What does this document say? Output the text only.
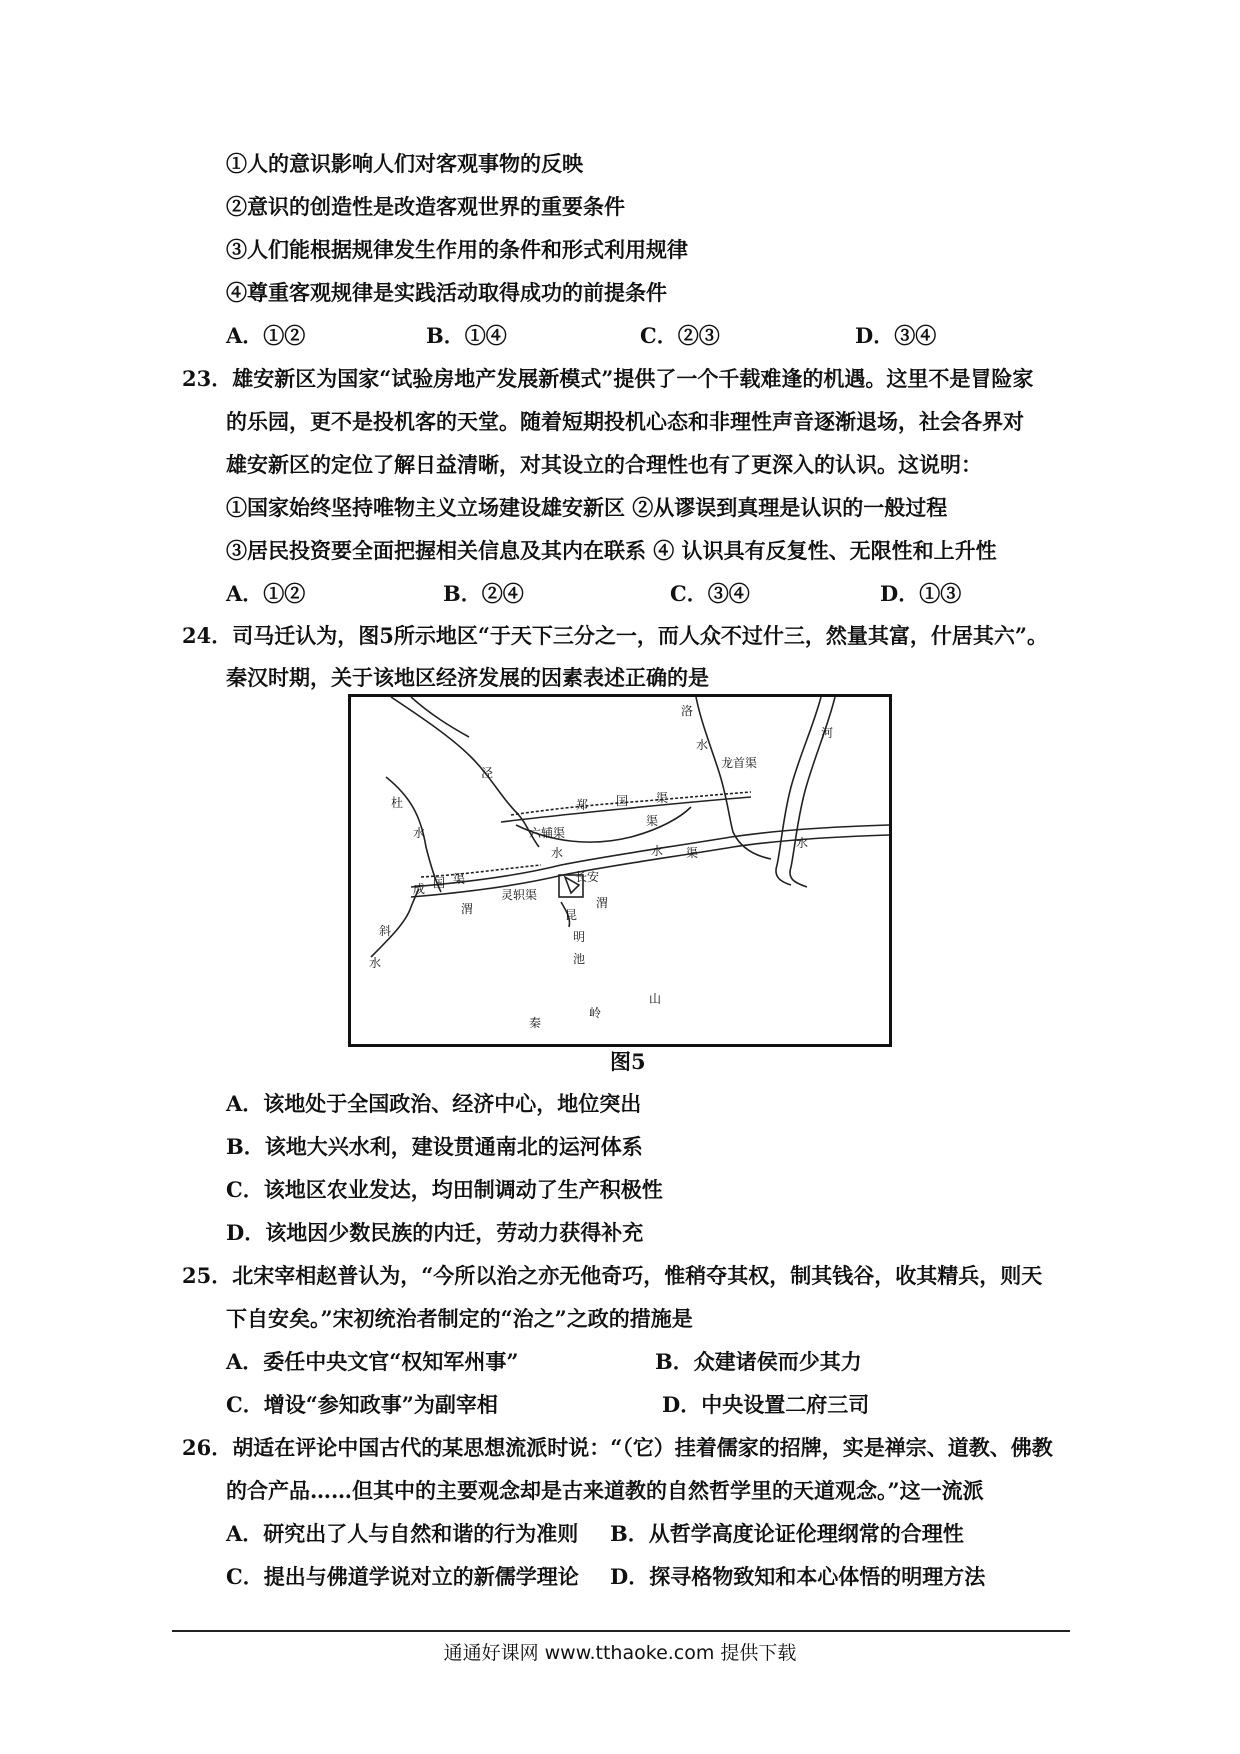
①人的意识影响人们对客观事物的反映
②意识的创造性是改造客观世界的重要条件
③人们能根据规律发生作用的条件和形式利用规律
④尊重客观规律是实践活动取得成功的前提条件
A．①②	B．①④	C．②③	D．③④
23．雄安新区为国家“试验房地产发展新模式”提供了一个千载难逢的机遇。这里不是冒险家
的乐园，更不是投机客的天堂。随着短期投机心态和非理性声音逐渐退场，社会各界对
雄安新区的定位了解日益清晰，对其设立的合理性也有了更深入的认识。这说明：
①国家始终坚持唯物主义立场建设雄安新区 ②从谬误到真理是认识的一般过程
③居民投资要全面把握相关信息及其内在联系 ④ 认识具有反复性、无限性和上升性
A．①②	B．②④	C．③④	D．①③
24．司马迁认为，图5所示地区“于天下三分之一，而人众不过什三，然量其富，什居其六”。
秦汉时期，关于该地区经济发展的因素表述正确的是
洛
水
河
水
泾
郑 国 渠
龙首渠
六辅渠
渠
杜
水
水	水 渠
成 国 渠
灵轵渠
长安
渭	渭
昆
明
池
斜
水
秦
岭
山
图5
A．该地处于全国政治、经济中心，地位突出
B．该地大兴水利，建设贯通南北的运河体系
C．该地区农业发达，均田制调动了生产积极性
D．该地因少数民族的内迁，劳动力获得补充
25．北宋宰相赵普认为，“今所以治之亦无他奇巧，惟稍夺其权，制其钱谷，收其精兵，则天
下自安矣。”宋初统治者制定的“治之”之政的措施是
A．委任中央文官“权知军州事”	B．众建诸侯而少其力
C．增设“参知政事”为副宰相	D．中央设置二府三司
26．胡适在评论中国古代的某思想流派时说：“（它）挂着儒家的招牌，实是禅宗、道教、佛教
的合产品……但其中的主要观念却是古来道教的自然哲学里的天道观念。”这一流派
A．研究出了人与自然和谐的行为准则 B．从哲学高度论证伦理纲常的合理性
C．提出与佛道学说对立的新儒学理论 D．探寻格物致知和本心体悟的明理方法
通通好课网 www.tthaoke.com 提供下载
